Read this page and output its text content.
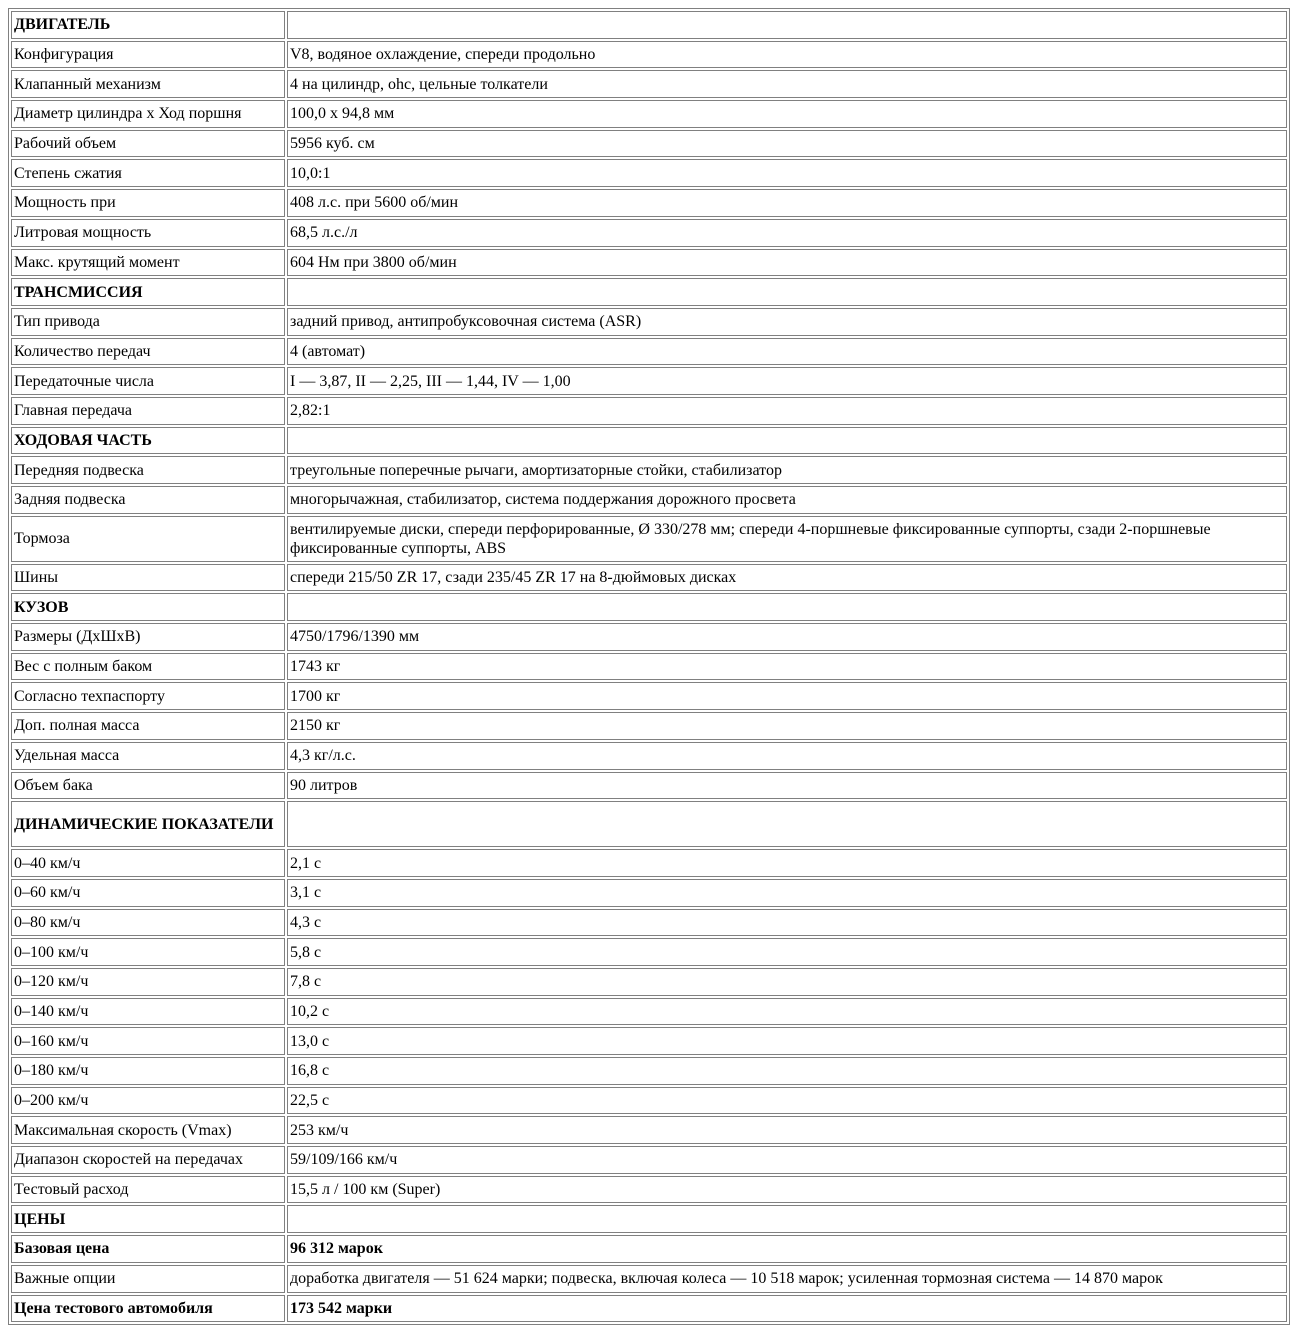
ДВИГАТЕЛЬ	
Конфигурация	V8, водяное охлаждение, спереди продольно
Клапанный механизм	4 на цилиндр, ohc, цельные толкатели
Диаметр цилиндра x Ход поршня	100,0 x 94,8 мм
Рабочий объем	5956 куб. см
Степень сжатия	10,0:1
Мощность при	408 л.с. при 5600 об/мин
Литровая мощность	68,5 л.с./л
Макс. крутящий момент	604 Нм при 3800 об/мин
ТРАНСМИССИЯ	
Тип привода	задний привод, антипробуксовочная система (ASR)
Количество передач	4 (автомат)
Передаточные числа	I — 3,87, II — 2,25, III — 1,44, IV — 1,00
Главная передача	2,82:1
ХОДОВАЯ ЧАСТЬ	
Передняя подвеска	треугольные поперечные рычаги, амортизаторные стойки, стабилизатор
Задняя подвеска	многорычажная, стабилизатор, система поддержания дорожного просвета
Тормоза	вентилируемые диски, спереди перфорированные, Ø 330/278 мм; спереди 4-поршневые фиксированные суппорты, сзади 2-поршневые фиксированные суппорты, ABS
Шины	спереди 215/50 ZR 17, сзади 235/45 ZR 17 на 8-дюймовых дисках
КУЗОВ	
Размеры (ДхШхВ)	4750/1796/1390 мм
Вес с полным баком	1743 кг
Согласно техпаспорту	1700 кг
Доп. полная масса	2150 кг
Удельная масса	4,3 кг/л.с.
Объем бака	90 литров
ДИНАМИЧЕСКИЕ ПОКАЗАТЕЛИ	
0–40 км/ч	2,1 с
0–60 км/ч	3,1 с
0–80 км/ч	4,3 с
0–100 км/ч	5,8 с
0–120 км/ч	7,8 с
0–140 км/ч	10,2 с
0–160 км/ч	13,0 с
0–180 км/ч	16,8 с
0–200 км/ч	22,5 с
Максимальная скорость (Vmax)	253 км/ч
Диапазон скоростей на передачах	59/109/166 км/ч
Тестовый расход	15,5 л / 100 км (Super)
ЦЕНЫ	
Базовая цена	96 312 марок
Важные опции	доработка двигателя — 51 624 марки; подвеска, включая колеса — 10 518 марок; усиленная тормозная система — 14 870 марок
Цена тестового автомобиля	173 542 марки
